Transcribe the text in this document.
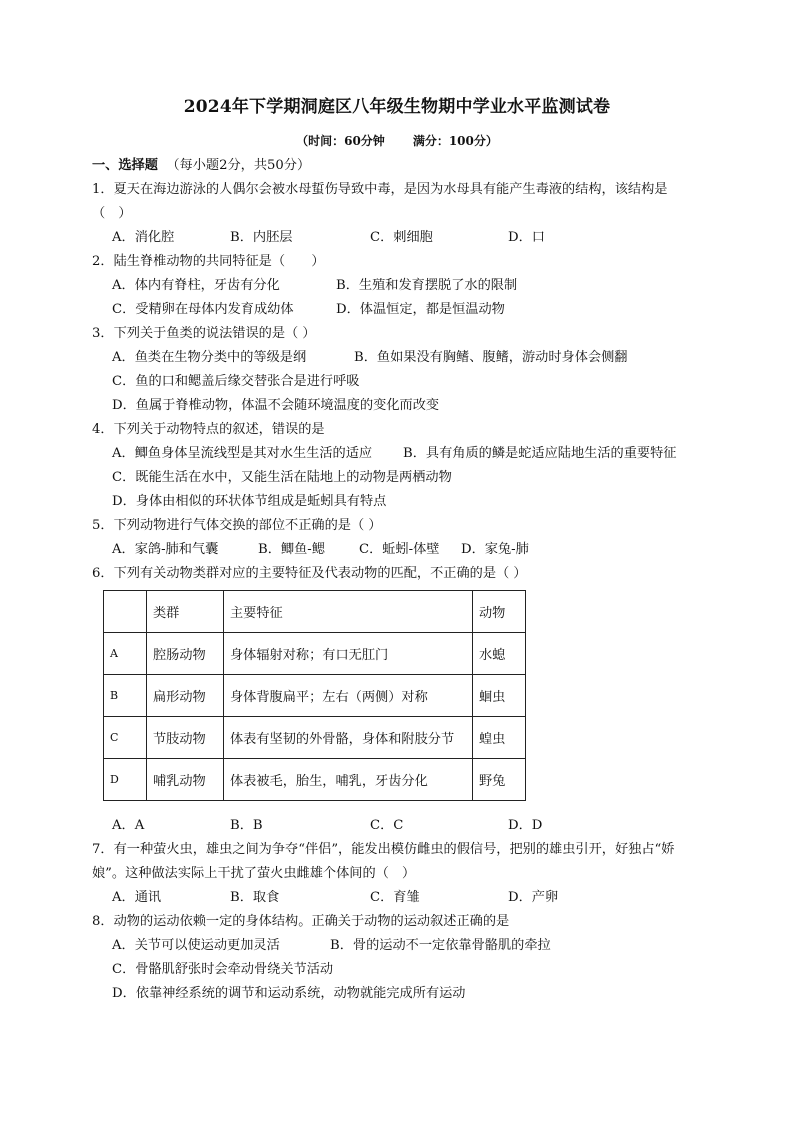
2024年下学期洞庭区八年级生物期中学业水平监测试卷
（时间：60分钟 满分：100分）
一、选择题 （每小题2分，共50分）
1．夏天在海边游泳的人偶尔会被水母蜇伤导致中毒，是因为水母具有能产生毒液的结构，该结构是
（　）
A．消化腔	B．内胚层	C．刺细胞	D．口
2．陆生脊椎动物的共同特征是（　　）
A．体内有脊柱，牙齿有分化	B．生殖和发育摆脱了水的限制
C．受精卵在母体内发育成幼体	D．体温恒定，都是恒温动物
3．下列关于鱼类的说法错误的是（ ）
A．鱼类在生物分类中的等级是纲	B．鱼如果没有胸鳍、腹鳍，游动时身体会侧翻
C．鱼的口和鳃盖后缘交替张合是进行呼吸
D．鱼属于脊椎动物，体温不会随环境温度的变化而改变
4．下列关于动物特点的叙述，错误的是
A．鲫鱼身体呈流线型是其对水生生活的适应 B．具有角质的鳞是蛇适应陆地生活的重要特征
C．既能生活在水中，又能生活在陆地上的动物是两栖动物
D．身体由相似的环状体节组成是蚯蚓具有特点
5．下列动物进行气体交换的部位不正确的是（ ）
A．家鸽-肺和气囊	B．鲫鱼-鳃	C．蚯蚓-体壁 D．家兔-肺
6．下列有关动物类群对应的主要特征及代表动物的匹配，不正确的是（ ）
	类群	主要特征	动物
A	腔肠动物	身体辐射对称；有口无肛门	水螅
B	扁形动物	身体背腹扁平；左右（两侧）对称	蛔虫
C	节肢动物	体表有坚韧的外骨骼，身体和附肢分节	蝗虫
D	哺乳动物	体表被毛，胎生，哺乳，牙齿分化	野兔
A．A	B．B	C．C	D．D
7．有一种萤火虫，雄虫之间为争夺“伴侣”，能发出模仿雌虫的假信号，把别的雄虫引开，好独占“娇
娘”。这种做法实际上干扰了萤火虫雌雄个体间的（　）
A．通讯	B．取食	C．育雏	D．产卵
8．动物的运动依赖一定的身体结构。正确关于动物的运动叙述正确的是
A．关节可以使运动更加灵活	B．骨的运动不一定依靠骨骼肌的牵拉
C．骨骼肌舒张时会牵动骨绕关节活动
D．依靠神经系统的调节和运动系统，动物就能完成所有运动
